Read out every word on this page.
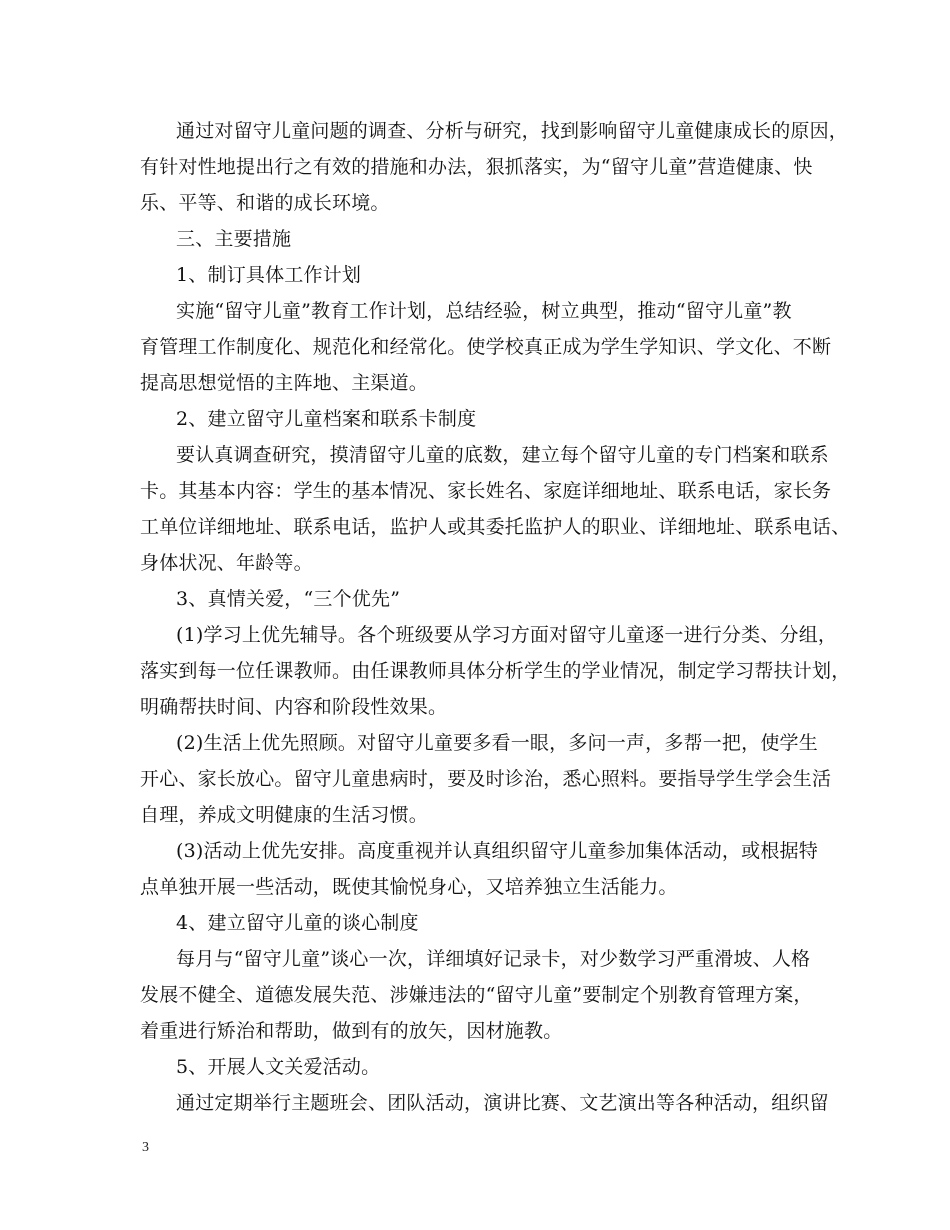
通过对留守儿童问题的调查、分析与研究，找到影响留守儿童健康成长的原因，
有针对性地提出行之有效的措施和办法，狠抓落实，为“留守儿童”营造健康、快
乐、平等、和谐的成长环境。
三、主要措施
1、制订具体工作计划
实施“留守儿童”教育工作计划，总结经验，树立典型，推动“留守儿童”教
育管理工作制度化、规范化和经常化。使学校真正成为学生学知识、学文化、不断
提高思想觉悟的主阵地、主渠道。
2、建立留守儿童档案和联系卡制度
要认真调查研究，摸清留守儿童的底数，建立每个留守儿童的专门档案和联系
卡。其基本内容：学生的基本情况、家长姓名、家庭详细地址、联系电话，家长务
工单位详细地址、联系电话，监护人或其委托监护人的职业、详细地址、联系电话、
身体状况、年龄等。
3、真情关爱，“三个优先”
(1)学习上优先辅导。各个班级要从学习方面对留守儿童逐一进行分类、分组，
落实到每一位任课教师。由任课教师具体分析学生的学业情况，制定学习帮扶计划，
明确帮扶时间、内容和阶段性效果。
(2)生活上优先照顾。对留守儿童要多看一眼，多问一声，多帮一把，使学生
开心、家长放心。留守儿童患病时，要及时诊治，悉心照料。要指导学生学会生活
自理，养成文明健康的生活习惯。
(3)活动上优先安排。高度重视并认真组织留守儿童参加集体活动，或根据特
点单独开展一些活动，既使其愉悦身心，又培养独立生活能力。
4、建立留守儿童的谈心制度
每月与“留守儿童”谈心一次，详细填好记录卡，对少数学习严重滑坡、人格
发展不健全、道德发展失范、涉嫌违法的“留守儿童”要制定个别教育管理方案，
着重进行矫治和帮助，做到有的放矢，因材施教。
5、开展人文关爱活动。
通过定期举行主题班会、团队活动，演讲比赛、文艺演出等各种活动，组织留
3
